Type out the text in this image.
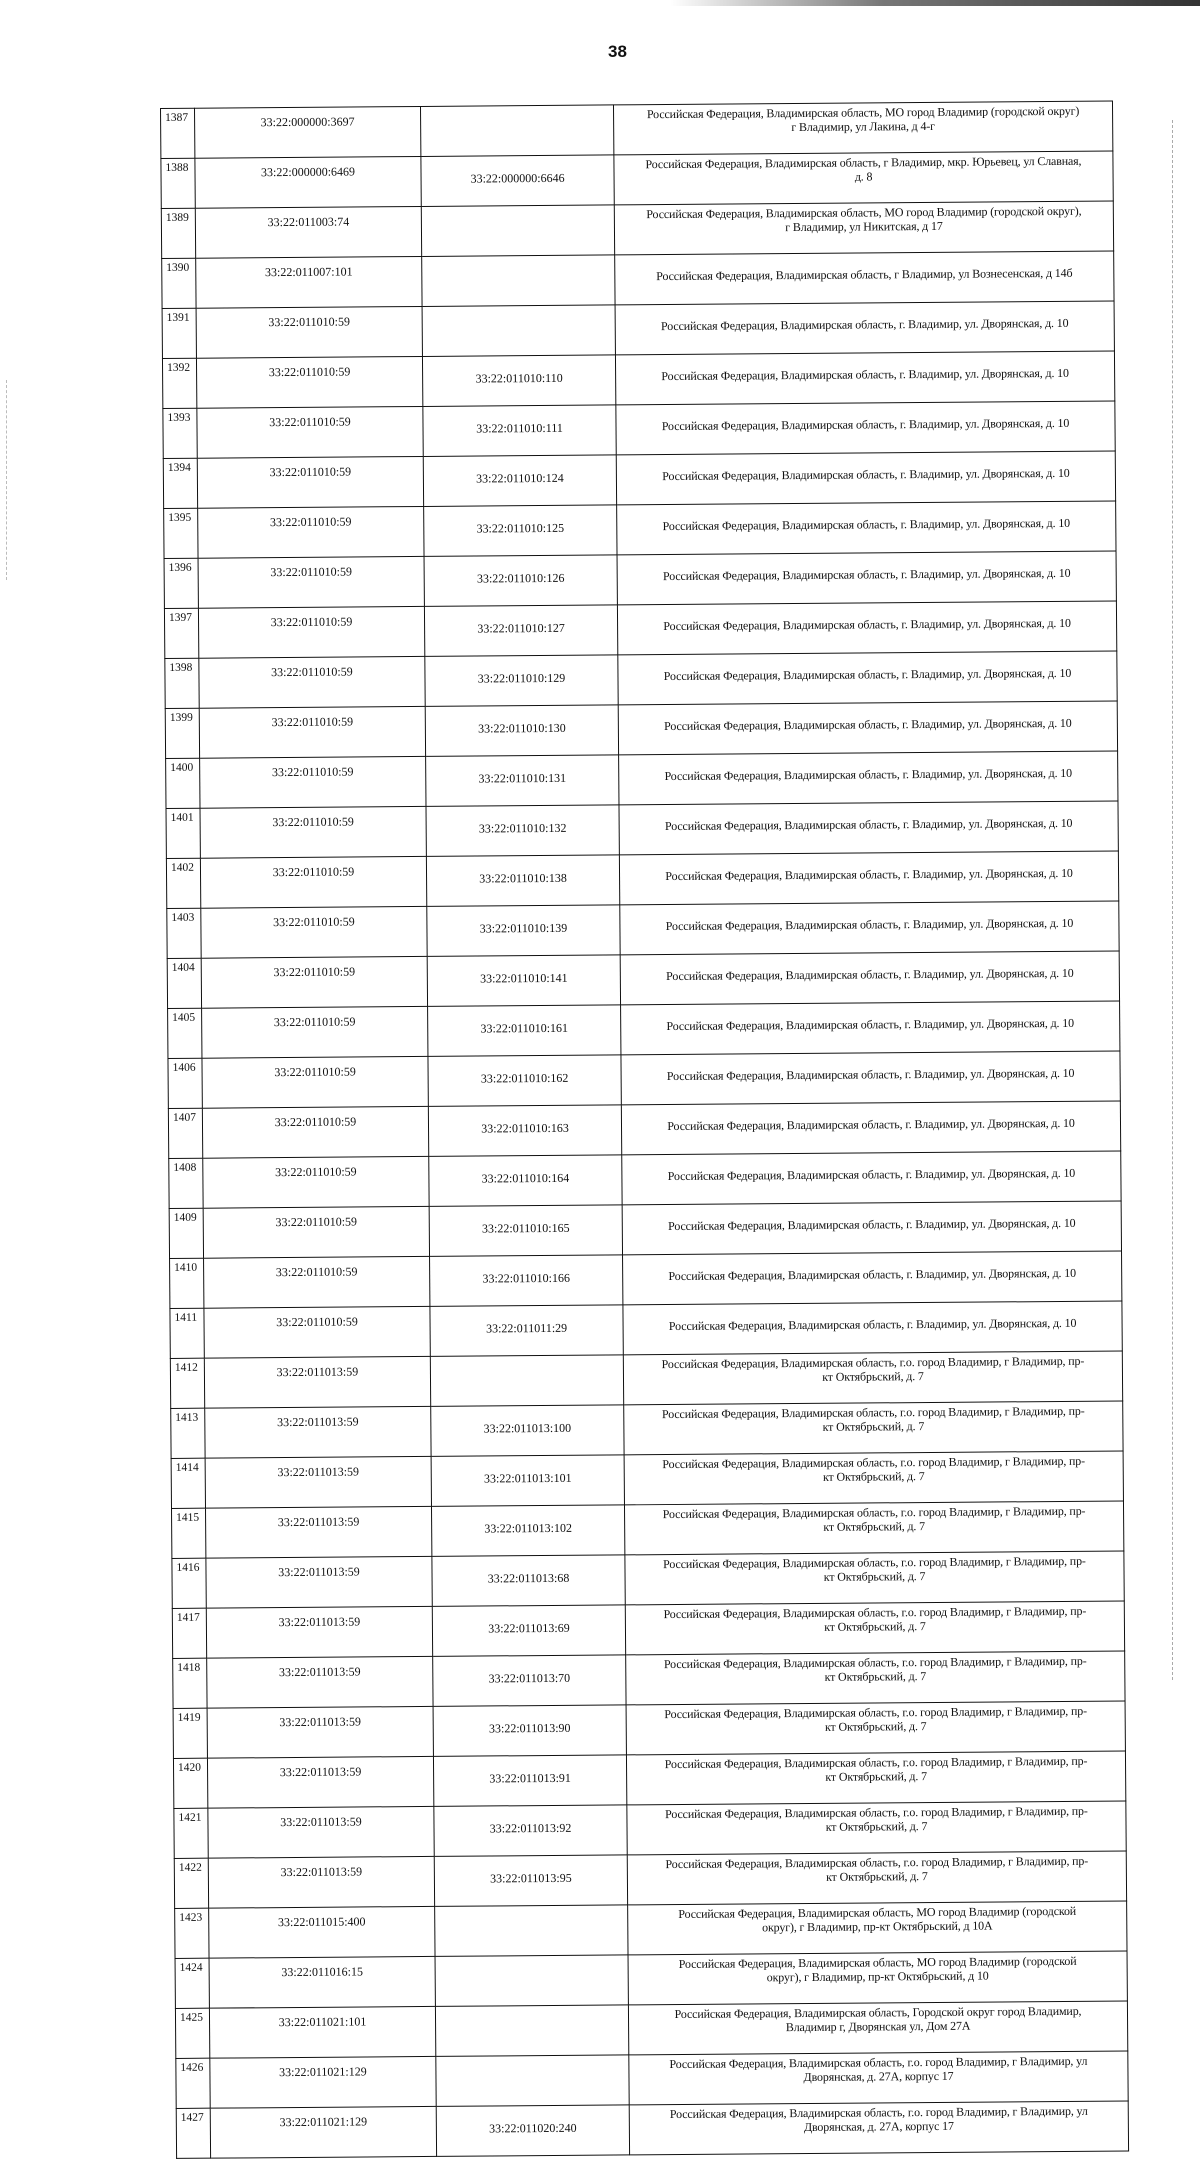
38
1387	33:22:000000:3697		Российская Федерация, Владимирская область, МО город Владимир (городской округ)
г Владимир, ул Лакина, д 4-г

1388	33:22:000000:6469	33:22:000000:6646	Российская Федерация, Владимирская область, г Владимир, мкр. Юрьевец, ул Славная,
д. 8

1389	33:22:011003:74		Российская Федерация, Владимирская область, МО город Владимир (городской округ),
г Владимир, ул Никитская, д 17

1390	33:22:011007:101		Российская Федерация, Владимирская область, г Владимир, ул Вознесенская, д 14б
1391	33:22:011010:59		Российская Федерация, Владимирская область, г. Владимир, ул. Дворянская, д. 10
1392	33:22:011010:59	33:22:011010:110	Российская Федерация, Владимирская область, г. Владимир, ул. Дворянская, д. 10
1393	33:22:011010:59	33:22:011010:111	Российская Федерация, Владимирская область, г. Владимир, ул. Дворянская, д. 10
1394	33:22:011010:59	33:22:011010:124	Российская Федерация, Владимирская область, г. Владимир, ул. Дворянская, д. 10
1395	33:22:011010:59	33:22:011010:125	Российская Федерация, Владимирская область, г. Владимир, ул. Дворянская, д. 10
1396	33:22:011010:59	33:22:011010:126	Российская Федерация, Владимирская область, г. Владимир, ул. Дворянская, д. 10
1397	33:22:011010:59	33:22:011010:127	Российская Федерация, Владимирская область, г. Владимир, ул. Дворянская, д. 10
1398	33:22:011010:59	33:22:011010:129	Российская Федерация, Владимирская область, г. Владимир, ул. Дворянская, д. 10
1399	33:22:011010:59	33:22:011010:130	Российская Федерация, Владимирская область, г. Владимир, ул. Дворянская, д. 10
1400	33:22:011010:59	33:22:011010:131	Российская Федерация, Владимирская область, г. Владимир, ул. Дворянская, д. 10
1401	33:22:011010:59	33:22:011010:132	Российская Федерация, Владимирская область, г. Владимир, ул. Дворянская, д. 10
1402	33:22:011010:59	33:22:011010:138	Российская Федерация, Владимирская область, г. Владимир, ул. Дворянская, д. 10
1403	33:22:011010:59	33:22:011010:139	Российская Федерация, Владимирская область, г. Владимир, ул. Дворянская, д. 10
1404	33:22:011010:59	33:22:011010:141	Российская Федерация, Владимирская область, г. Владимир, ул. Дворянская, д. 10
1405	33:22:011010:59	33:22:011010:161	Российская Федерация, Владимирская область, г. Владимир, ул. Дворянская, д. 10
1406	33:22:011010:59	33:22:011010:162	Российская Федерация, Владимирская область, г. Владимир, ул. Дворянская, д. 10
1407	33:22:011010:59	33:22:011010:163	Российская Федерация, Владимирская область, г. Владимир, ул. Дворянская, д. 10
1408	33:22:011010:59	33:22:011010:164	Российская Федерация, Владимирская область, г. Владимир, ул. Дворянская, д. 10
1409	33:22:011010:59	33:22:011010:165	Российская Федерация, Владимирская область, г. Владимир, ул. Дворянская, д. 10
1410	33:22:011010:59	33:22:011010:166	Российская Федерация, Владимирская область, г. Владимир, ул. Дворянская, д. 10
1411	33:22:011010:59	33:22:011011:29	Российская Федерация, Владимирская область, г. Владимир, ул. Дворянская, д. 10
1412	33:22:011013:59		Российская Федерация, Владимирская область, г.о. город Владимир, г Владимир, пр-
кт Октябрьский, д. 7

1413	33:22:011013:59	33:22:011013:100	Российская Федерация, Владимирская область, г.о. город Владимир, г Владимир, пр-
кт Октябрьский, д. 7

1414	33:22:011013:59	33:22:011013:101	Российская Федерация, Владимирская область, г.о. город Владимир, г Владимир, пр-
кт Октябрьский, д. 7

1415	33:22:011013:59	33:22:011013:102	Российская Федерация, Владимирская область, г.о. город Владимир, г Владимир, пр-
кт Октябрьский, д. 7

1416	33:22:011013:59	33:22:011013:68	Российская Федерация, Владимирская область, г.о. город Владимир, г Владимир, пр-
кт Октябрьский, д. 7

1417	33:22:011013:59	33:22:011013:69	Российская Федерация, Владимирская область, г.о. город Владимир, г Владимир, пр-
кт Октябрьский, д. 7

1418	33:22:011013:59	33:22:011013:70	Российская Федерация, Владимирская область, г.о. город Владимир, г Владимир, пр-
кт Октябрьский, д. 7

1419	33:22:011013:59	33:22:011013:90	Российская Федерация, Владимирская область, г.о. город Владимир, г Владимир, пр-
кт Октябрьский, д. 7

1420	33:22:011013:59	33:22:011013:91	Российская Федерация, Владимирская область, г.о. город Владимир, г Владимир, пр-
кт Октябрьский, д. 7

1421	33:22:011013:59	33:22:011013:92	Российская Федерация, Владимирская область, г.о. город Владимир, г Владимир, пр-
кт Октябрьский, д. 7

1422	33:22:011013:59	33:22:011013:95	Российская Федерация, Владимирская область, г.о. город Владимир, г Владимир, пр-
кт Октябрьский, д. 7

1423	33:22:011015:400		Российская Федерация, Владимирская область, МО город Владимир (городской
округ), г Владимир, пр-кт Октябрьский, д 10А

1424	33:22:011016:15		Российская Федерация, Владимирская область, МО город Владимир (городской
округ), г Владимир, пр-кт Октябрьский, д 10

1425	33:22:011021:101		Российская Федерация, Владимирская область, Городской округ город Владимир,
Владимир г, Дворянская ул, Дом 27А

1426	33:22:011021:129		Российская Федерация, Владимирская область, г.о. город Владимир, г Владимир, ул
Дворянская, д. 27А, корпус 17

1427	33:22:011021:129	33:22:011020:240	Российская Федерация, Владимирская область, г.о. город Владимир, г Владимир, ул
Дворянская, д. 27А, корпус 17
